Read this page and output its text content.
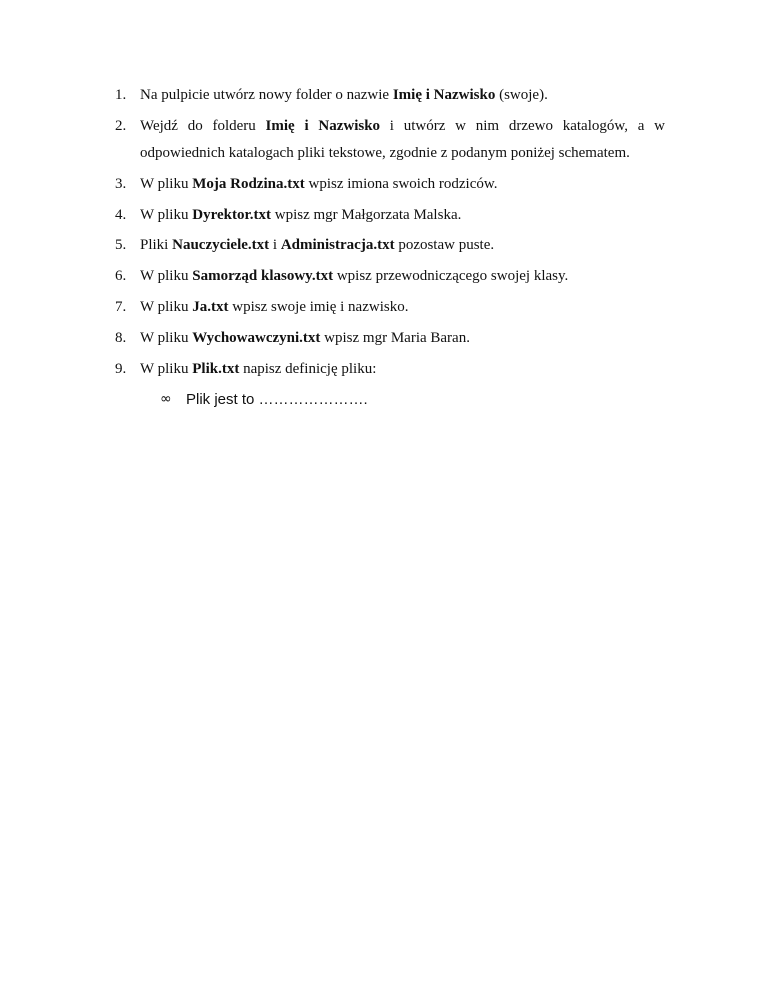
1. Na pulpicie utwórz nowy folder o nazwie Imię i Nazwisko (swoje).
2. Wejdź do folderu Imię i Nazwisko i utwórz w nim drzewo katalogów, a w odpowiednich katalogach pliki tekstowe, zgodnie z podanym poniżej schematem.
3. W pliku Moja Rodzina.txt wpisz imiona swoich rodziców.
4. W pliku Dyrektor.txt wpisz mgr Małgorzata Malska.
5. Pliki Nauczyciele.txt i Administracja.txt pozostaw puste.
6. W pliku Samorząd klasowy.txt wpisz przewodniczącego swojej klasy.
7. W pliku Ja.txt wpisz swoje imię i nazwisko.
8. W pliku Wychowawczyni.txt wpisz mgr Maria Baran.
9. W pliku Plik.txt napisz definicję pliku:
∞ Plik jest to ………………….
